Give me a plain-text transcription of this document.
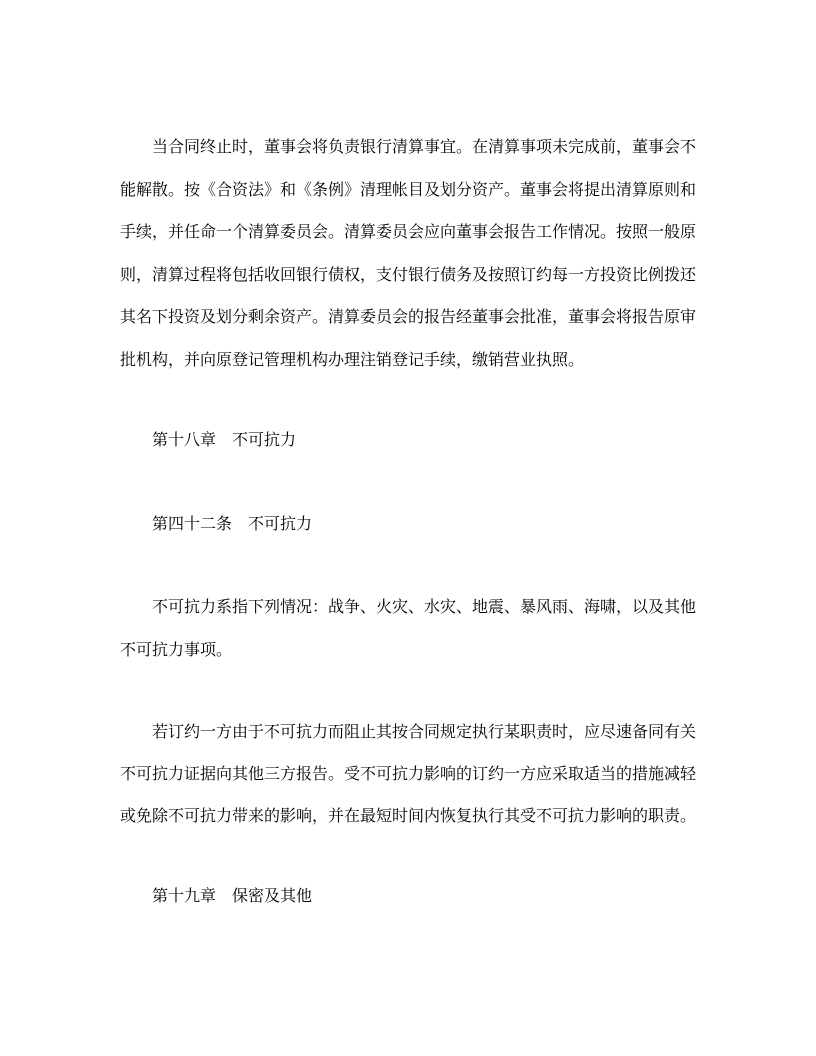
当合同终止时，董事会将负责银行清算事宜。在清算事项未完成前，董事会不
能解散。按《合资法》和《条例》清理帐目及划分资产。董事会将提出清算原则和
手续，并任命一个清算委员会。清算委员会应向董事会报告工作情况。按照一般原
则，清算过程将包括收回银行债权，支付银行债务及按照订约每一方投资比例拨还
其名下投资及划分剩余资产。清算委员会的报告经董事会批准，董事会将报告原审
批机构，并向原登记管理机构办理注销登记手续，缴销营业执照。
第十八章　不可抗力
第四十二条　不可抗力
不可抗力系指下列情况：战争、火灾、水灾、地震、暴风雨、海啸，以及其他
不可抗力事项。
若订约一方由于不可抗力而阻止其按合同规定执行某职责时，应尽速备同有关
不可抗力证据向其他三方报告。受不可抗力影响的订约一方应采取适当的措施减轻
或免除不可抗力带来的影响，并在最短时间内恢复执行其受不可抗力影响的职责。
第十九章　保密及其他
